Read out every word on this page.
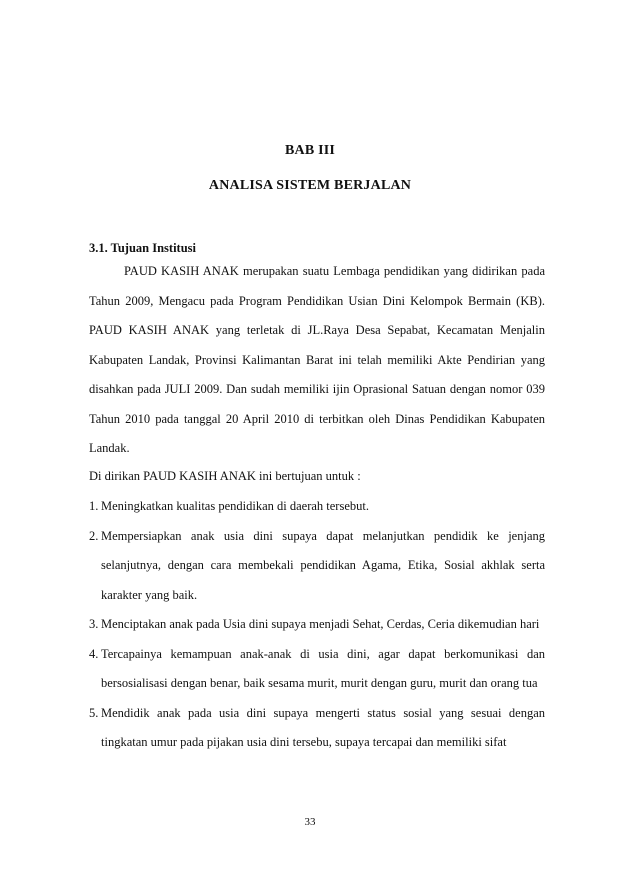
BAB III
ANALISA SISTEM BERJALAN
3.1. Tujuan Institusi
PAUD KASIH ANAK merupakan suatu Lembaga pendidikan yang didirikan pada Tahun 2009, Mengacu pada Program Pendidikan Usian Dini Kelompok Bermain (KB). PAUD KASIH ANAK yang terletak di JL.Raya Desa Sepabat, Kecamatan Menjalin Kabupaten Landak, Provinsi Kalimantan Barat ini telah memiliki Akte Pendirian yang disahkan pada JULI 2009. Dan sudah memiliki ijin Oprasional Satuan dengan nomor 039 Tahun 2010 pada tanggal 20 April 2010 di terbitkan oleh Dinas Pendidikan Kabupaten Landak.
Di dirikan PAUD KASIH ANAK ini bertujuan untuk :
1. Meningkatkan kualitas pendidikan di daerah tersebut.
2. Mempersiapkan anak usia dini supaya dapat melanjutkan pendidik ke jenjang selanjutnya, dengan cara membekali pendidikan Agama, Etika, Sosial akhlak serta karakter yang baik.
3. Menciptakan anak pada Usia dini supaya menjadi Sehat, Cerdas, Ceria dikemudian hari
4. Tercapainya kemampuan anak-anak di usia dini, agar dapat berkomunikasi dan bersosialisasi dengan benar, baik sesama murit, murit dengan guru, murit dan orang tua
5. Mendidik anak pada usia dini supaya mengerti status sosial yang sesuai dengan tingkatan umur pada pijakan usia dini tersebu, supaya tercapai dan memiliki sifat
33
